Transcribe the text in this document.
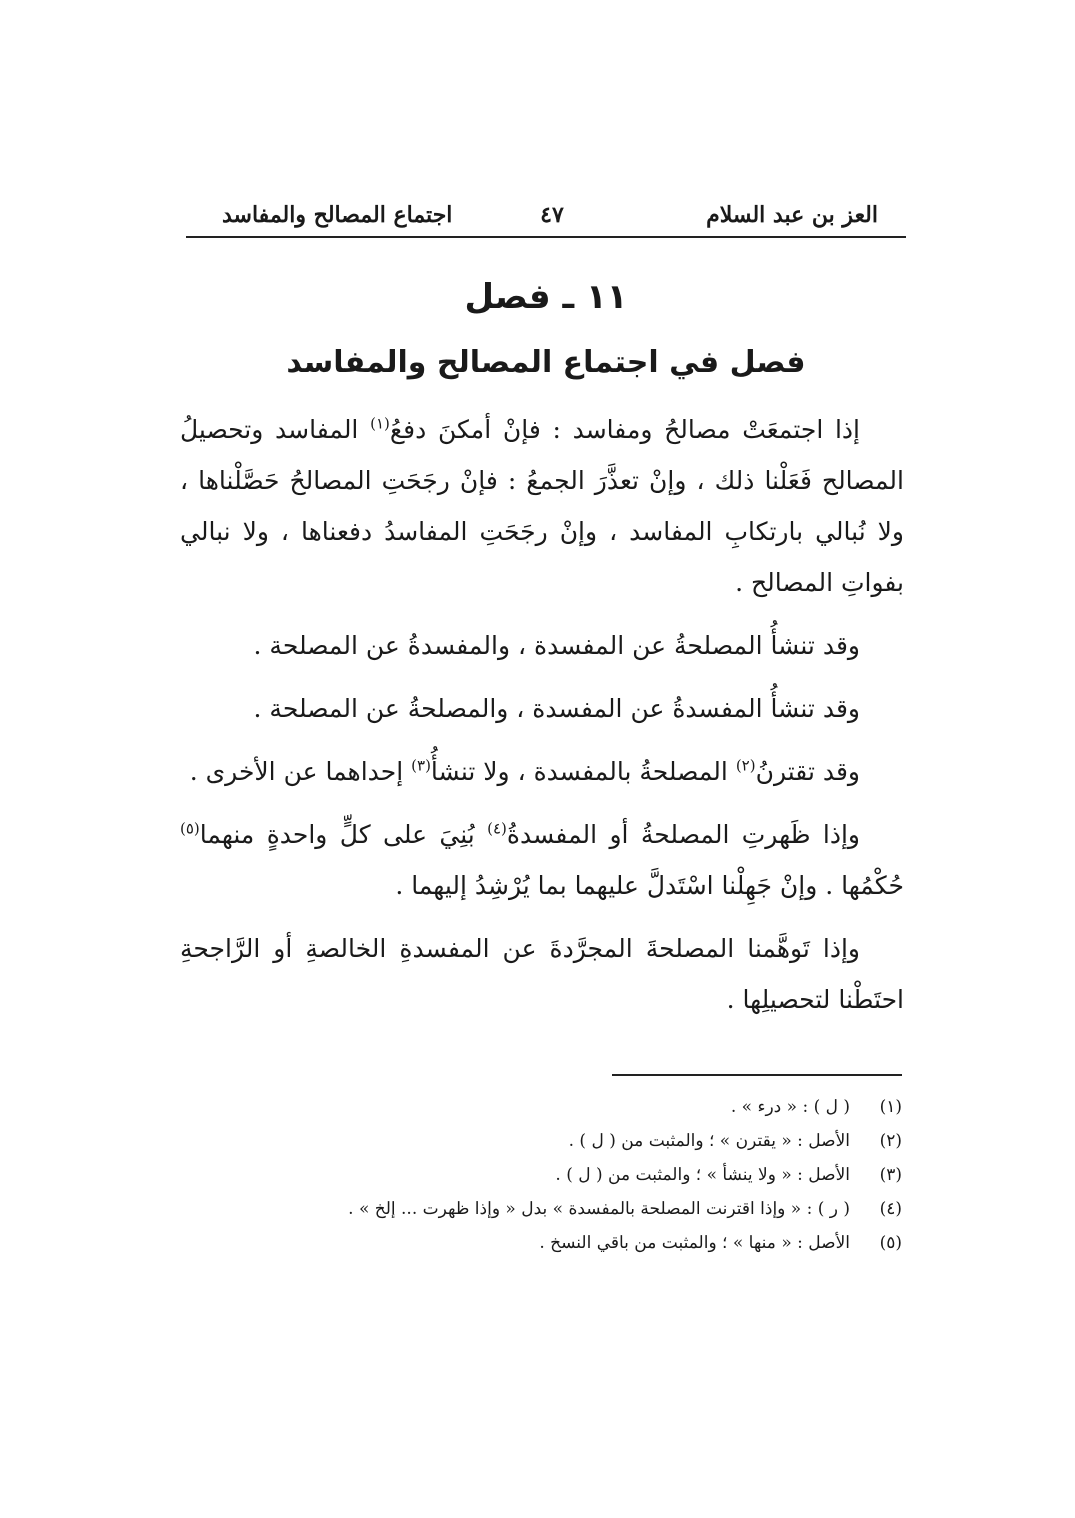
العز بن عبد السلام
٤٧
اجتماع المصالح والمفاسد
١١ ـ فصل
فصل في اجتماع المصالح والمفاسد

إذا اجتمعَتْ مصالحُ ومفاسد : فإنْ أمكنَ دفعُ$^{(١)}$ المفاسد وتحصيلُ المصالح فَعَلْنا ذلك ، وإنْ تعذَّرَ الجمعُ : فإنْ رجَحَتِ المصالحُ حَصَّلْناها ، ولا نُبالي بارتكابِ المفاسد ، وإنْ رجَحَتِ المفاسدُ دفعناها ، ولا نبالي بفواتِ المصالح .

وقد تنشأُ المصلحةُ عن المفسدة ، والمفسدةُ عن المصلحة .

وقد تنشأُ المفسدةُ عن المفسدة ، والمصلحةُ عن المصلحة .

وقد تقترنُ$^{(٢)}$ المصلحةُ بالمفسدة ، ولا تنشأُ$^{(٣)}$ إحداهما عن الأخرى .

وإذا ظَهرتِ المصلحةُ أو المفسدةُ$^{(٤)}$ بُنِيَ على كلٍّ واحدةٍ منهما$^{(٥)}$ حُكْمُها . وإنْ جَهِلْنا اسْتَدلَّ عليهما بما يُرْشِدُ إليهما .

وإذا تَوهَّمنا المصلحةَ المجرَّدةَ عن المفسدةِ الخالصةِ أو الرَّاجحةِ احتَطْنا لتحصيلِها .

(١)( ل ) : « درء » .
(٢)الأصل : « يقترن » ؛ والمثبت من ( ل ) .
(٣)الأصل : « ولا ينشأ » ؛ والمثبت من ( ل ) .
(٤)( ر ) : « وإذا اقترنت المصلحة بالمفسدة » بدل « وإذا ظهرت ... إلخ » .
(٥)الأصل : « منها » ؛ والمثبت من باقي النسخ .
